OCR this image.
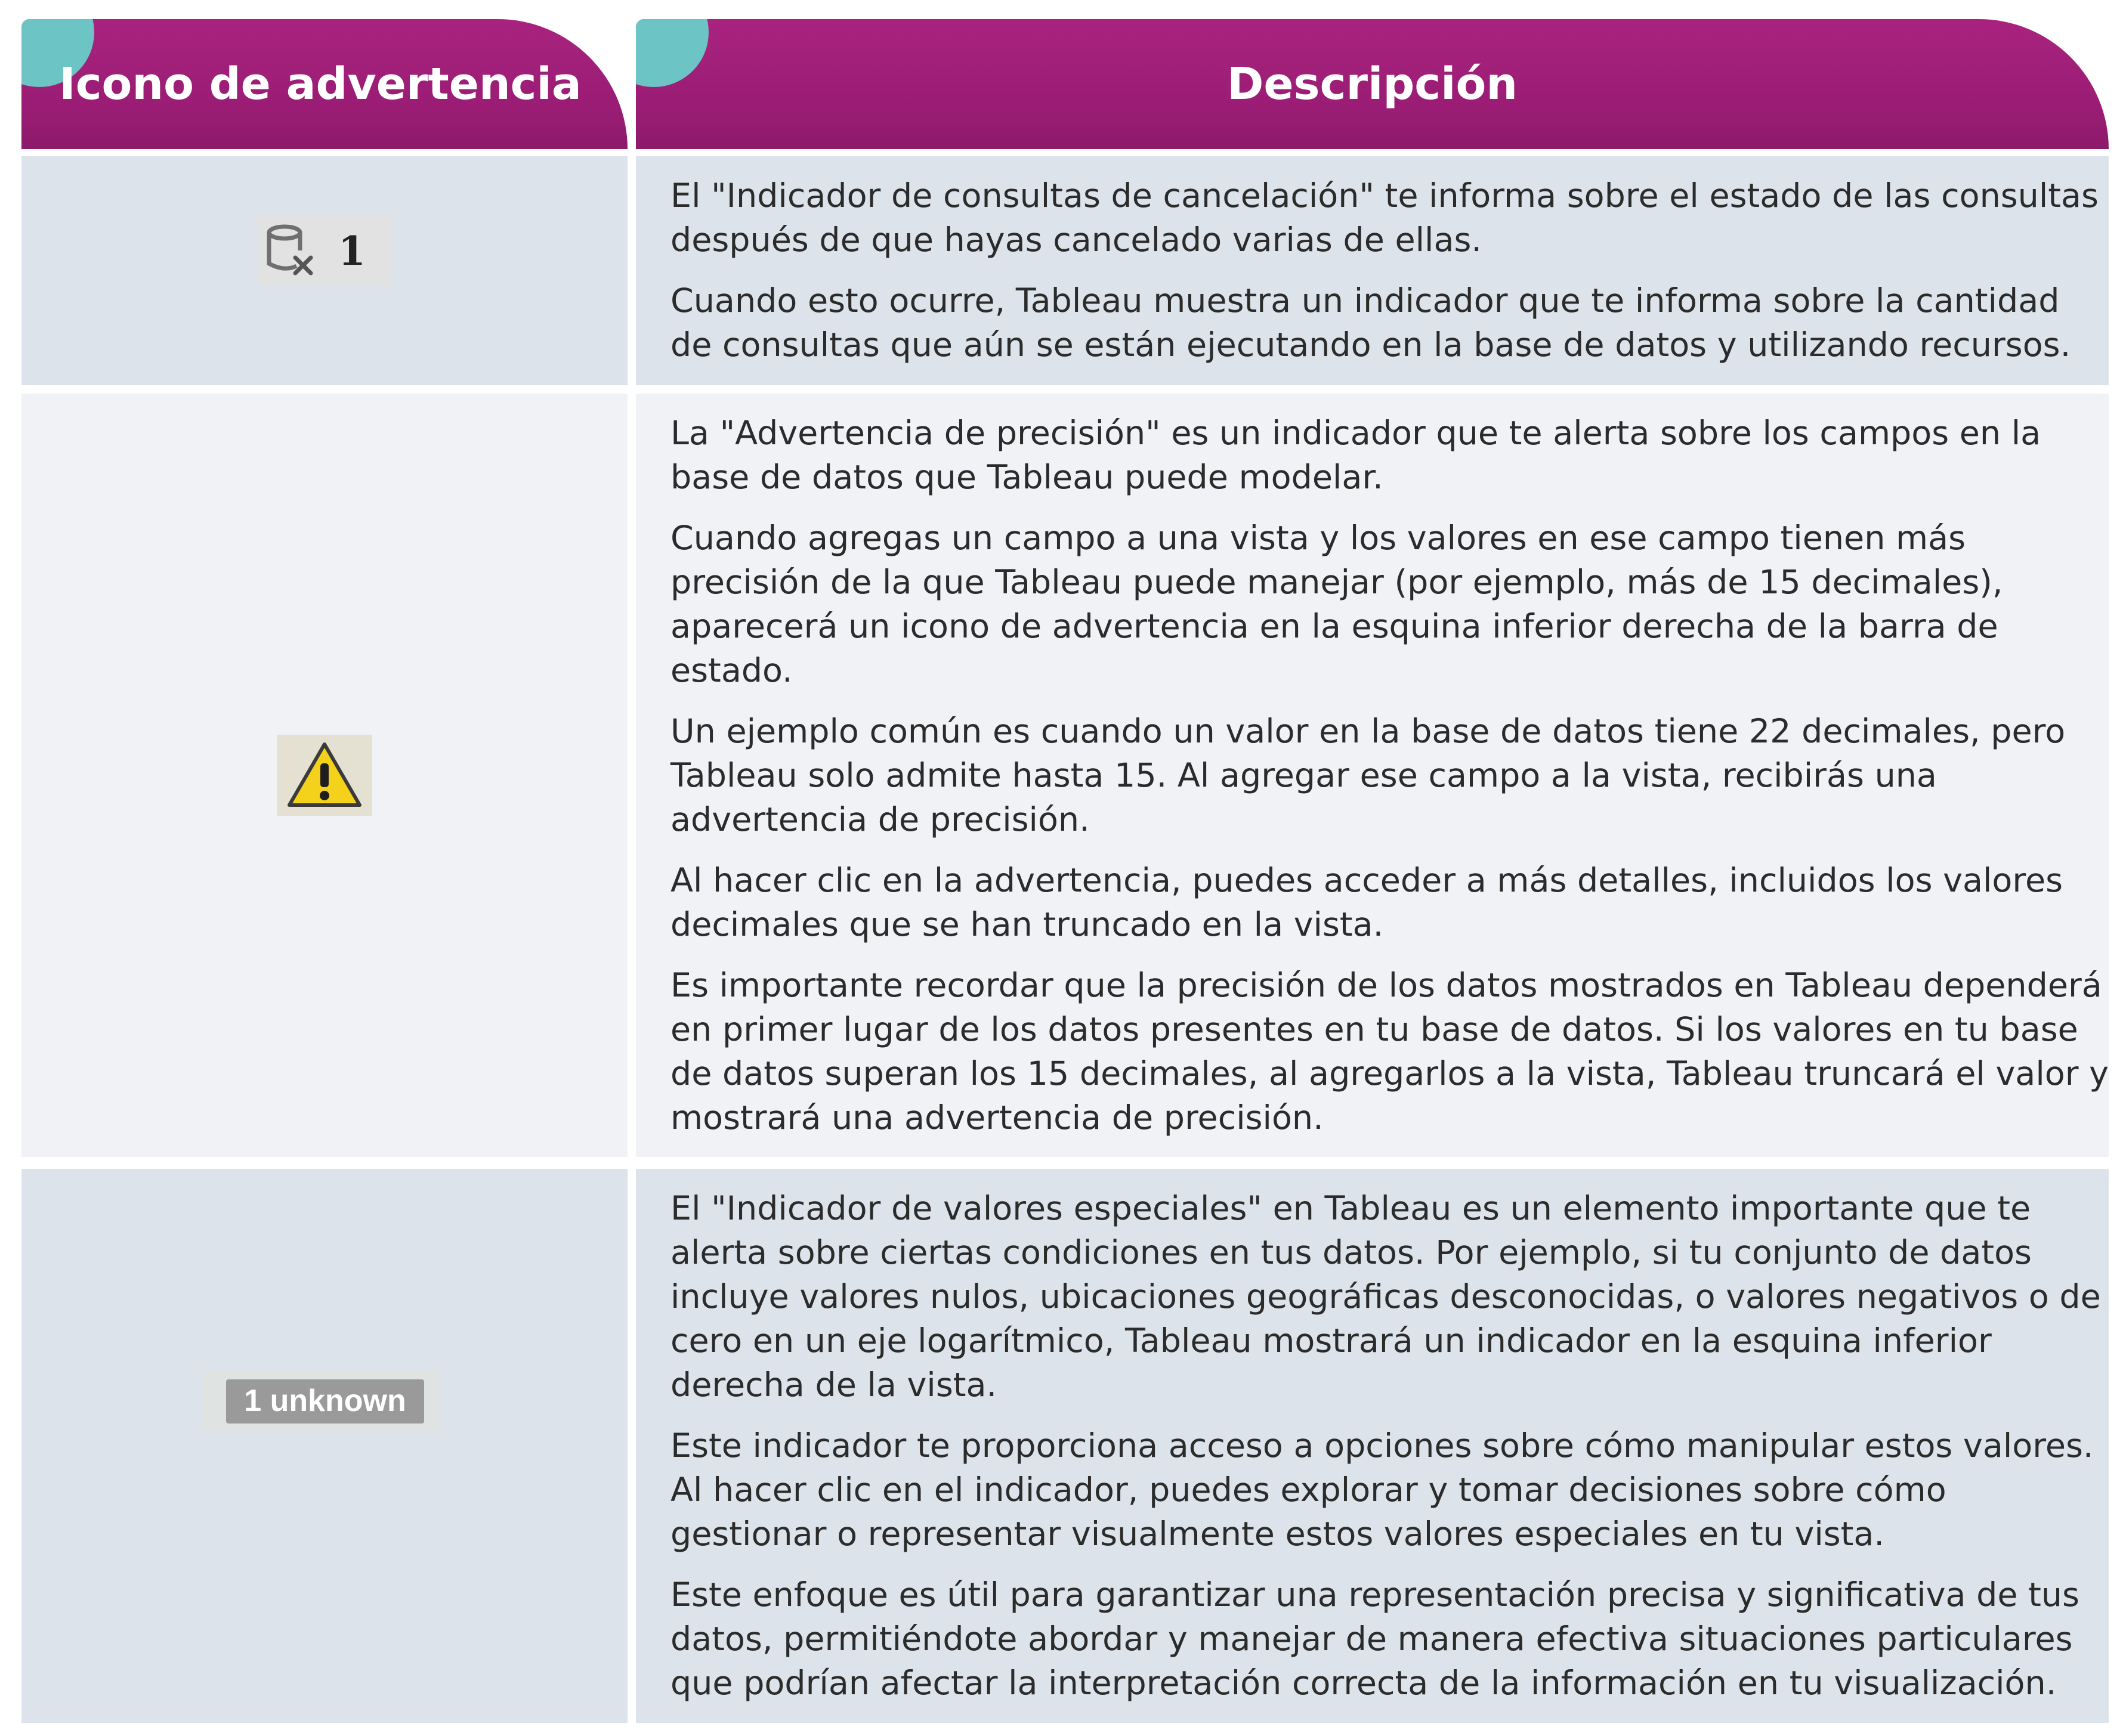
Icono de advertencia	Descripción
1

El "Indicador de consultas de cancelación" te informa sobre el estado de las consultas después de que hayas cancelado varias de ellas.

Cuando esto ocurre, Tableau muestra un indicador que te informa sobre la cantidad de consultas que aún se están ejecutando en la base de datos y utilizando recursos.

La "Advertencia de precisión" es un indicador que te alerta sobre los campos en la base de datos que Tableau puede modelar.

Cuando agregas un campo a una vista y los valores en ese campo tienen más precisión de la que Tableau puede manejar (por ejemplo, más de 15 decimales), aparecerá un icono de advertencia en la esquina inferior derecha de la barra de estado.

Un ejemplo común es cuando un valor en la base de datos tiene 22 decimales, pero Tableau solo admite hasta 15. Al agregar ese campo a la vista, recibirás una advertencia de precisión.

Al hacer clic en la advertencia, puedes acceder a más detalles, incluidos los valores decimales que se han truncado en la vista.

Es importante recordar que la precisión de los datos mostrados en Tableau dependerá en primer lugar de los datos presentes en tu base de datos. Si los valores en tu base de datos superan los 15 decimales, al agregarlos a la vista, Tableau truncará el valor y mostrará una advertencia de precisión.

1 unknown

El "Indicador de valores especiales" en Tableau es un elemento importante que te alerta sobre ciertas condiciones en tus datos. Por ejemplo, si tu conjunto de datos incluye valores nulos, ubicaciones geográficas desconocidas, o valores negativos o de cero en un eje logarítmico, Tableau mostrará un indicador en la esquina inferior derecha de la vista.

Este indicador te proporciona acceso a opciones sobre cómo manipular estos valores. Al hacer clic en el indicador, puedes explorar y tomar decisiones sobre cómo gestionar o representar visualmente estos valores especiales en tu vista.

Este enfoque es útil para garantizar una representación precisa y significativa de tus datos, permitiéndote abordar y manejar de manera efectiva situaciones particulares que podrían afectar la interpretación correcta de la información en tu visualización.
